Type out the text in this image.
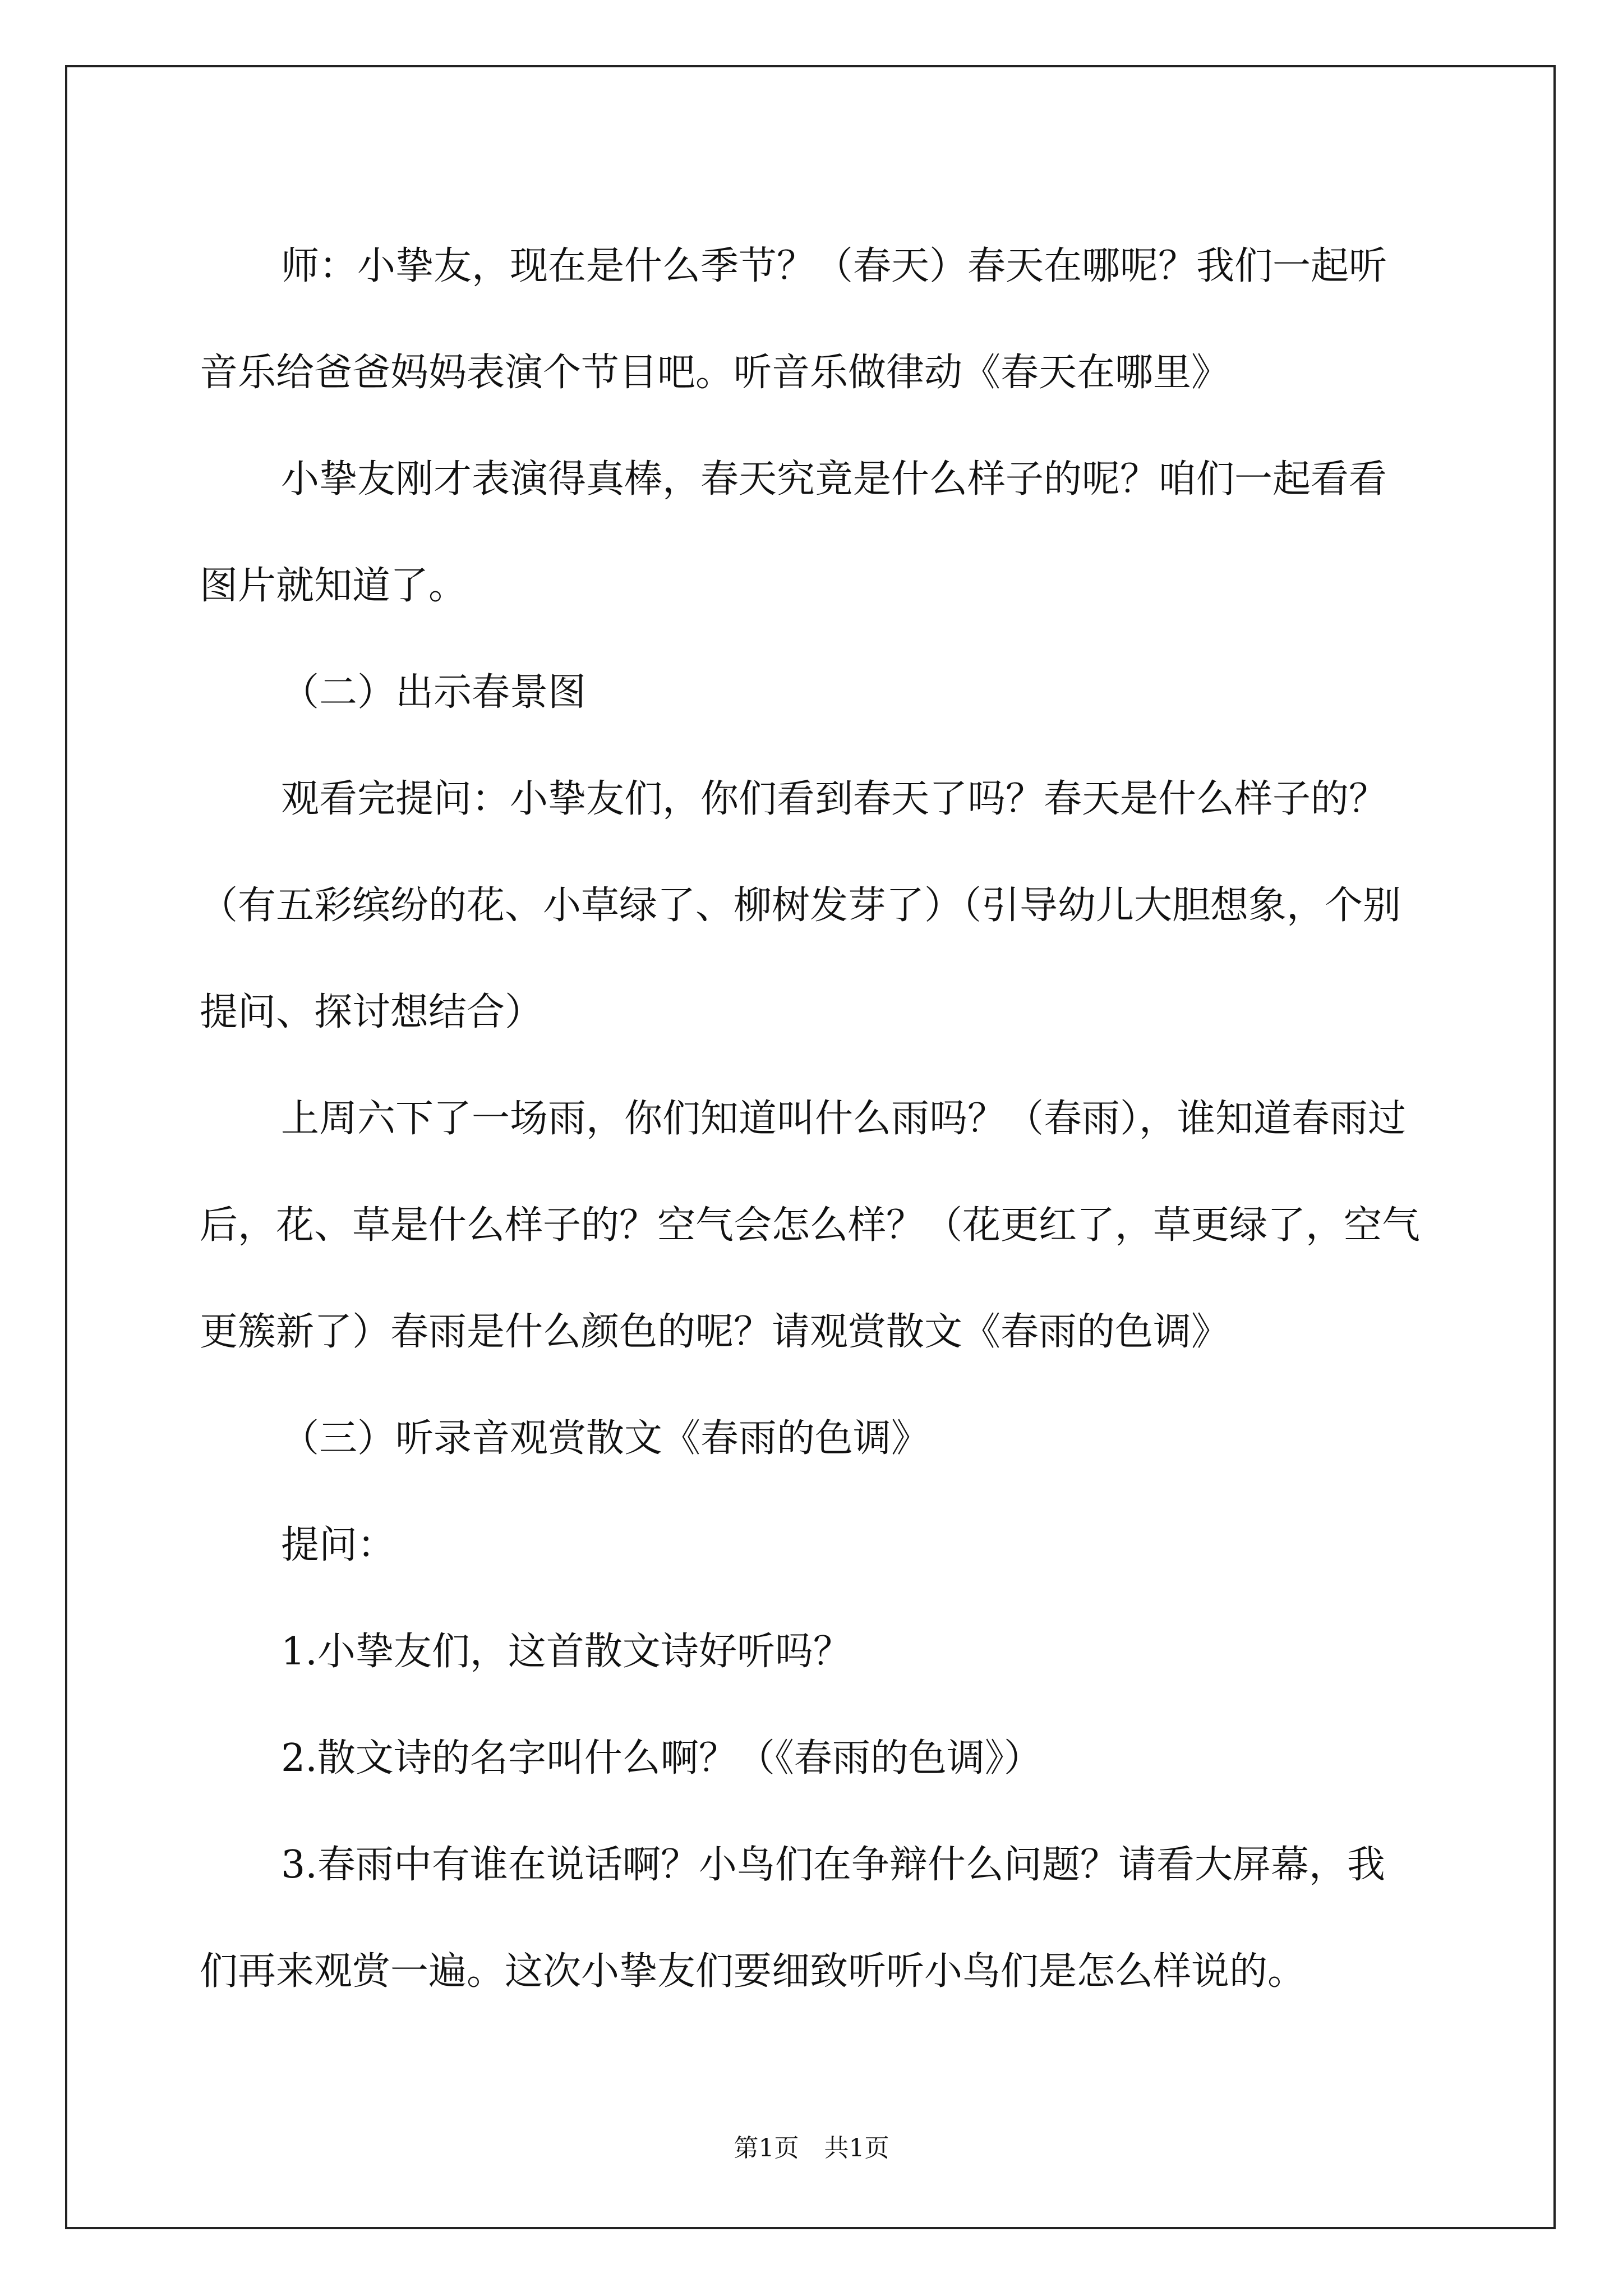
师：小挚友，现在是什么季节？（春天）春天在哪呢？我们一起听音乐给爸爸妈妈表演个节目吧。听音乐做律动《春天在哪里》

小挚友刚才表演得真棒，春天究竟是什么样子的呢？咱们一起看看图片就知道了。

（二）出示春景图

观看完提问：小挚友们，你们看到春天了吗？春天是什么样子的？（有五彩缤纷的花、小草绿了、柳树发芽了）（引导幼儿大胆想象，个别提问、探讨想结合）

上周六下了一场雨，你们知道叫什么雨吗？（春雨），谁知道春雨过后，花、草是什么样子的？空气会怎么样？（花更红了，草更绿了，空气更簇新了）春雨是什么颜色的呢？请观赏散文《春雨的色调》

（三）听录音观赏散文《春雨的色调》

提问：

1.小挚友们，这首散文诗好听吗？

2.散文诗的名字叫什么啊？（《春雨的色调》）

3.春雨中有谁在说话啊？小鸟们在争辩什么问题？请看大屏幕，我们再来观赏一遍。这次小挚友们要细致听听小鸟们是怎么样说的。

第1页 共1页
